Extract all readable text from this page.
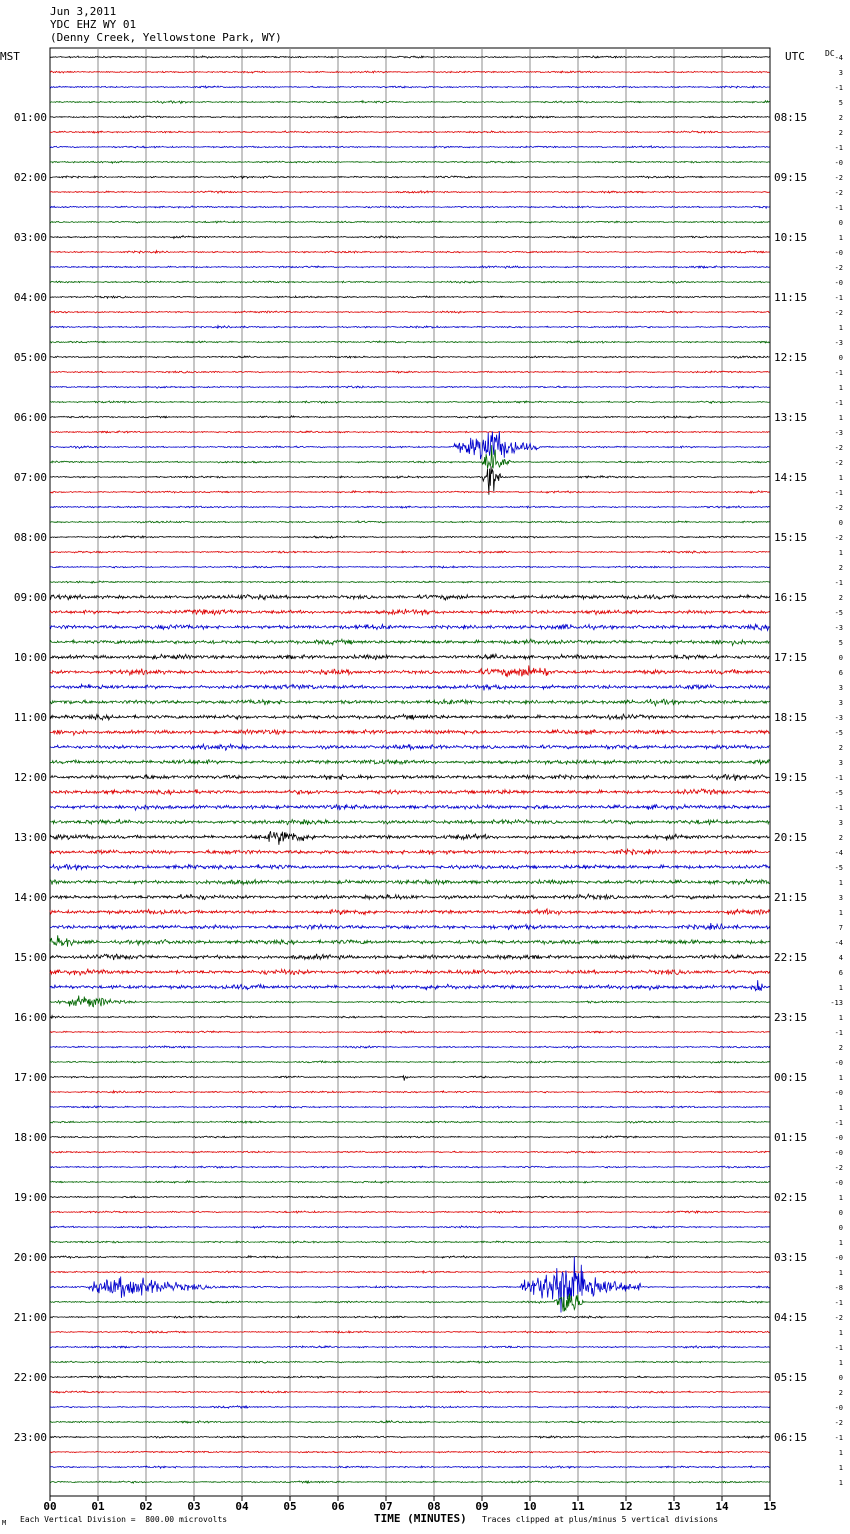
Jun 3,2011
YDC EHZ WY 01
(Denny Creek, Yellowstone Park, WY)
MST	UTC	DC
00	01	02	03	04	05	06	07	08	09	10	11	12	13	14	15
-4
3
-1
5
2
2
-1
-0
-2
-2
-1
0
1
-0
-2
-0
-1
-2
1
-3
0
-1
1
-1
1
-3
-2
-2
1
-1
-2
0
-2
1
2
-1
2
-5
-3
5
0
6
3
3
-3
-5
2
3
-1
-5
-1
3
2
-4
-5
1
3
1
7
-4
4
6
1
-13
1
-1
2
-0
1
-0
1
-1
-0
-0
-2
-0
1
0
0
1
-0
1
-8
-1
-2
1
-1
1
0
2
-0
-2
-1
1
1
1
01:00
02:00
03:00
04:00
05:00
06:00
07:00
08:00
09:00
10:00
11:00
12:00
13:00
14:00
15:00
16:00
17:00
18:00
19:00
20:00
21:00
22:00
23:00
08:15
09:15
10:15
11:15
12:15
13:15
14:15
15:15
16:15
17:15
18:15
19:15
20:15
21:15
22:15
23:15
00:15
01:15
02:15
03:15
04:15
05:15
06:15
M Each Vertical Division =  800.00 microvolts	TIME (MINUTES) Traces clipped at plus/minus 5 vertical divisions
